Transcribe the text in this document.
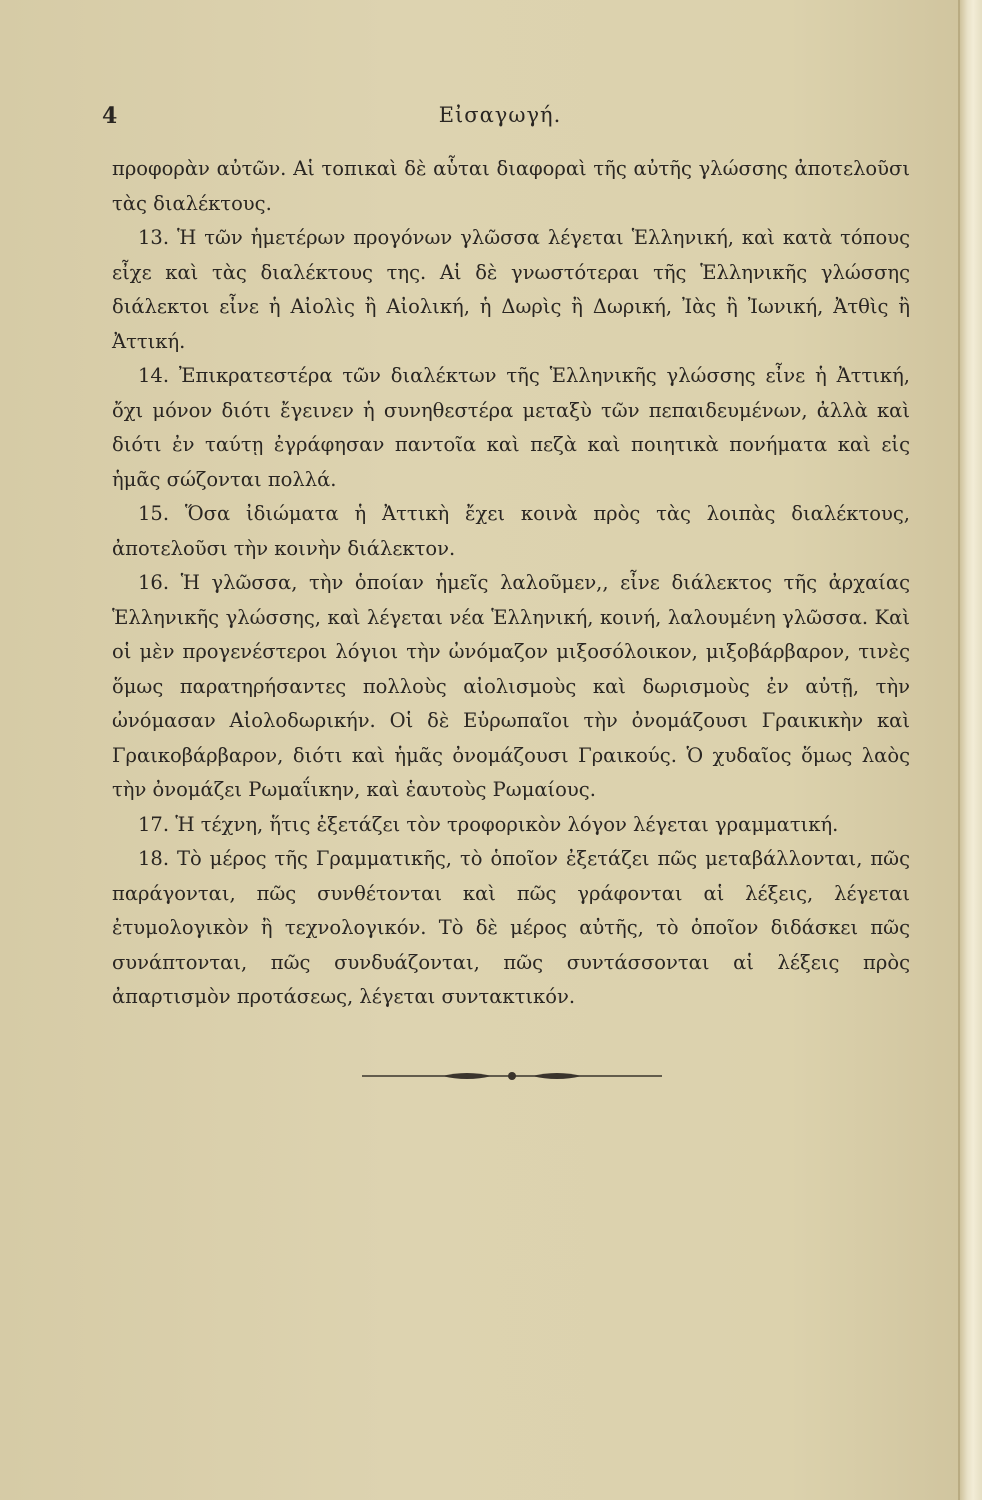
4	Εἰσαγωγή.

προφορὰν αὐτῶν. Αἱ τοπικαὶ δὲ αὗται διαφοραὶ τῆς αὐτῆς γλώσσης ἀποτελοῦσι τὰς διαλέκτους.

13. Ἡ τῶν ἡμετέρων προγόνων γλῶσσα λέγεται Ἑλληνική, καὶ κατὰ τόπους εἶχε καὶ τὰς διαλέκτους της. Αἱ δὲ γνωστότεραι τῆς Ἑλληνικῆς γλώσσης διάλεκτοι εἶνε ἡ Αἰολὶς ἢ Αἰολική, ἡ Δωρὶς ἢ Δωρική, Ἰὰς ἢ Ἰωνική, Ἀτθὶς ἢ Ἀττική.

14. Ἐπικρατεστέρα τῶν διαλέκτων τῆς Ἑλληνικῆς γλώσσης εἶνε ἡ Ἀττική, ὄχι μόνον διότι ἔγεινεν ἡ συνηθεστέρα μεταξὺ τῶν πεπαιδευμένων, ἀλλὰ καὶ διότι ἐν ταύτῃ ἐγράφησαν παντοῖα καὶ πεζὰ καὶ ποιητικὰ πονήματα καὶ εἰς ἡμᾶς σώζονται πολλά.

15. Ὅσα ἰδιώματα ἡ Ἀττικὴ ἔχει κοινὰ πρὸς τὰς λοιπὰς διαλέκτους, ἀποτελοῦσι τὴν κοινὴν διάλεκτον.

16. Ἡ γλῶσσα, τὴν ὁποίαν ἡμεῖς λαλοῦμεν,, εἶνε διάλεκτος τῆς ἀρχαίας Ἑλληνικῆς γλώσσης, καὶ λέγεται νέα Ἑλληνική, κοινή, λαλουμένη γλῶσσα. Καὶ οἱ μὲν προγενέστεροι λόγιοι τὴν ὠνόμαζον μιξοσόλοικον, μιξοβάρβαρον, τινὲς ὅμως παρατηρήσαντες πολλοὺς αἰολισμοὺς καὶ δωρισμοὺς ἐν αὐτῇ, τὴν ὠνόμασαν Αἰολοδωρικήν. Οἱ δὲ Εὐρωπαῖοι τὴν ὀνομάζουσι Γραικικὴν καὶ Γραικοβάρβαρον, διότι καὶ ἡμᾶς ὀνομάζουσι Γραικούς. Ὁ χυδαῖος ὅμως λαὸς τὴν ὀνομάζει Ρωμαΐικην, καὶ ἑαυτοὺς Ρωμαίους.

17. Ἡ τέχνη, ἥτις ἐξετάζει τὸν τροφορικὸν λόγον λέγεται γραμματική.

18. Τὸ μέρος τῆς Γραμματικῆς, τὸ ὁποῖον ἐξετάζει πῶς μεταβάλλονται, πῶς παράγονται, πῶς συνθέτονται καὶ πῶς γράφονται αἱ λέξεις, λέγεται ἐτυμολογικὸν ἢ τεχνολογικόν. Τὸ δὲ μέρος αὐτῆς, τὸ ὁποῖον διδάσκει πῶς συνάπτονται, πῶς συνδυάζονται, πῶς συντάσσονται αἱ λέξεις πρὸς ἀπαρτισμὸν προτάσεως, λέγεται συντακτικόν.
